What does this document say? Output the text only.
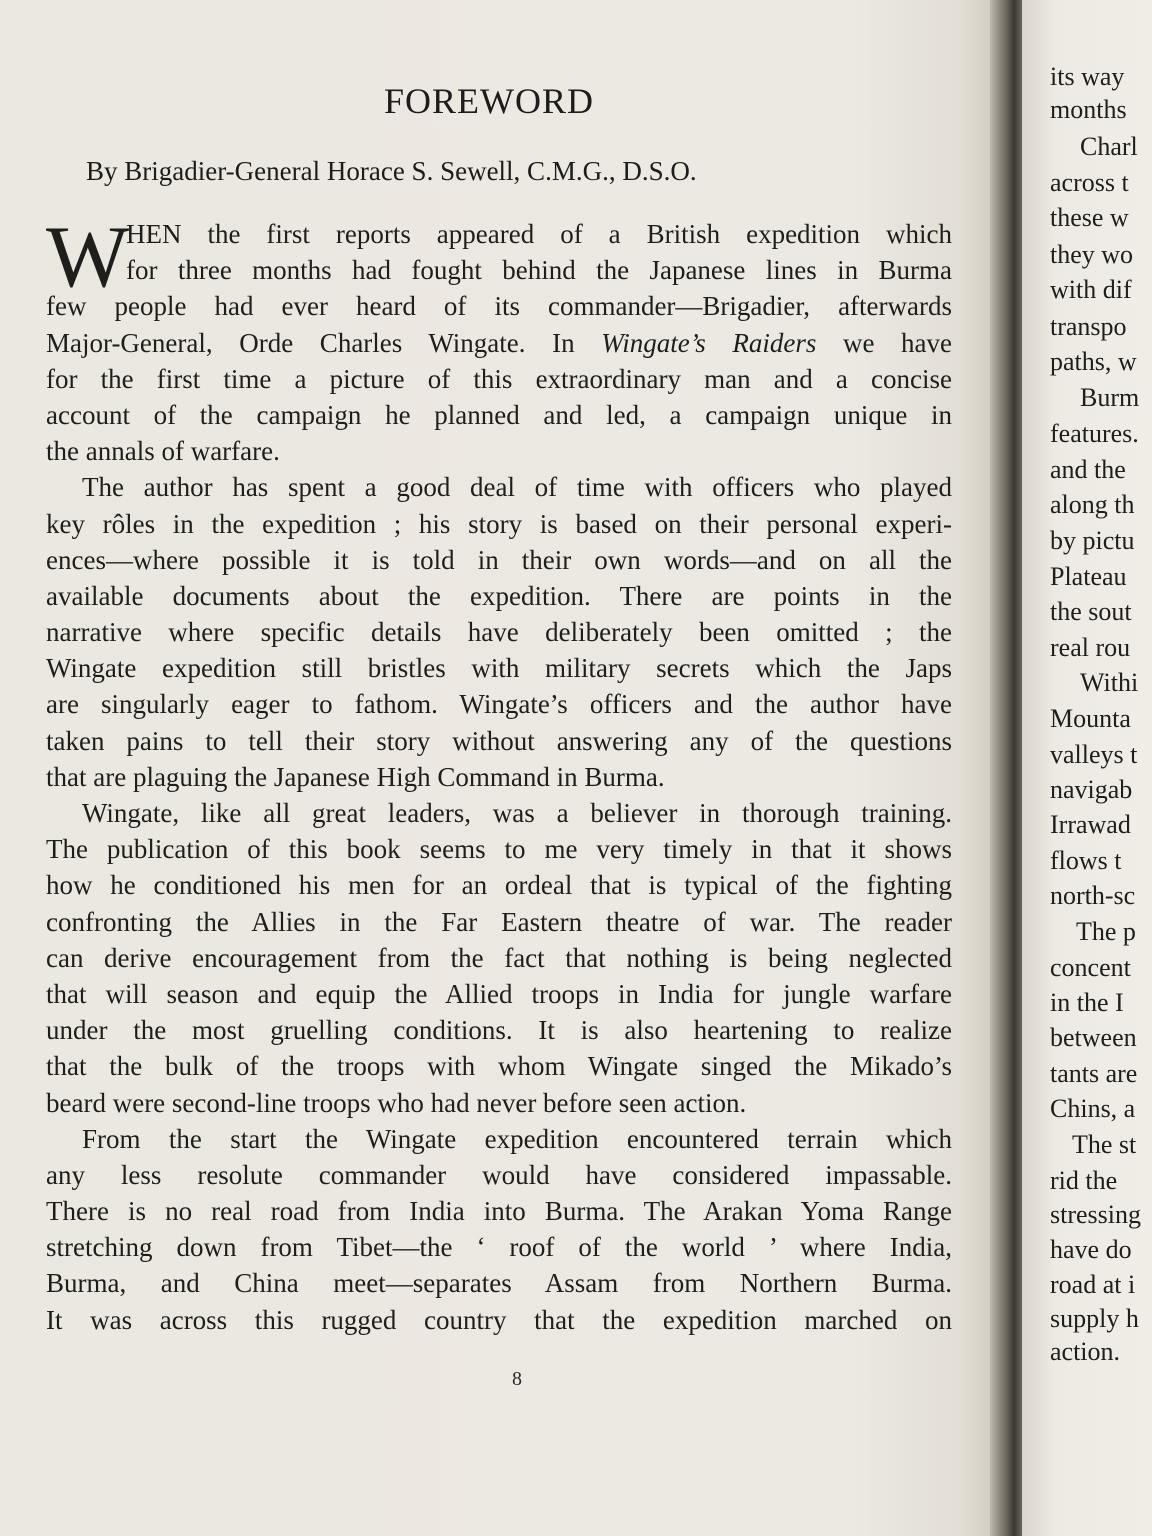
FOREWORD
By Brigadier-General Horace S. Sewell, C.M.G., D.S.O.
W
HEN the first reports appeared of a British expedition which
for three months had fought behind the Japanese lines in Burma
few people had ever heard of its commander—Brigadier, afterwards
Major-General, Orde Charles Wingate. In Wingate’s Raiders we have
for the first time a picture of this extraordinary man and a concise
account of the campaign he planned and led, a campaign unique in
the annals of warfare.
The author has spent a good deal of time with officers who played
key rôles in the expedition ; his story is based on their personal experi-
ences—where possible it is told in their own words—and on all the
available documents about the expedition. There are points in the
narrative where specific details have deliberately been omitted ; the
Wingate expedition still bristles with military secrets which the Japs
are singularly eager to fathom. Wingate’s officers and the author have
taken pains to tell their story without answering any of the questions
that are plaguing the Japanese High Command in Burma.
Wingate, like all great leaders, was a believer in thorough training.
The publication of this book seems to me very timely in that it shows
how he conditioned his men for an ordeal that is typical of the fighting
confronting the Allies in the Far Eastern theatre of war. The reader
can derive encouragement from the fact that nothing is being neglected
that will season and equip the Allied troops in India for jungle warfare
under the most gruelling conditions. It is also heartening to realize
that the bulk of the troops with whom Wingate singed the Mikado’s
beard were second-line troops who had never before seen action.
From the start the Wingate expedition encountered terrain which
any less resolute commander would have considered impassable.
There is no real road from India into Burma. The Arakan Yoma Range
stretching down from Tibet—the ‘ roof of the world ’ where India,
Burma, and China meet—separates Assam from Northern Burma.
It was across this rugged country that the expedition marched on
8
its way
months
Charl
across t
these w
they wo
with dif
transpo
paths, w
Burm
features.
and the
along th
by pictu
Plateau
the sout
real rou
Withi
Mounta
valleys t
navigab
Irrawad
flows t
north-sc
The p
concent
in the I
between
tants are
Chins, a
The st
rid the
stressing
have do
road at i
supply h
action.
